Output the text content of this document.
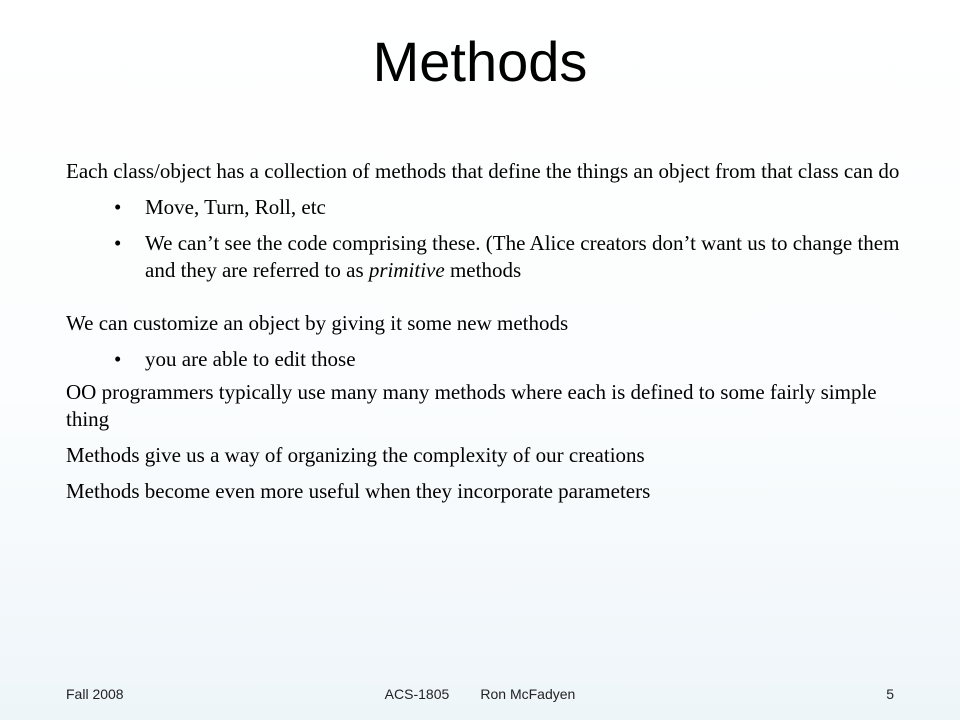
Methods

Each class/object has a collection of methods that define the things an object from that class can do

• Move, Turn, Roll, etc
• We can’t see the code comprising these. (The Alice creators don’t want us to change them and they are referred to as primitive methods

We can customize an object by giving it some new methods

• you are able to edit those

OO programmers typically use many many methods where each is defined to some fairly simple thing

Methods give us a way of organizing the complexity of our creations

Methods become even more useful when they incorporate parameters

Fall 2008	ACS-1805        Ron McFadyen	5
